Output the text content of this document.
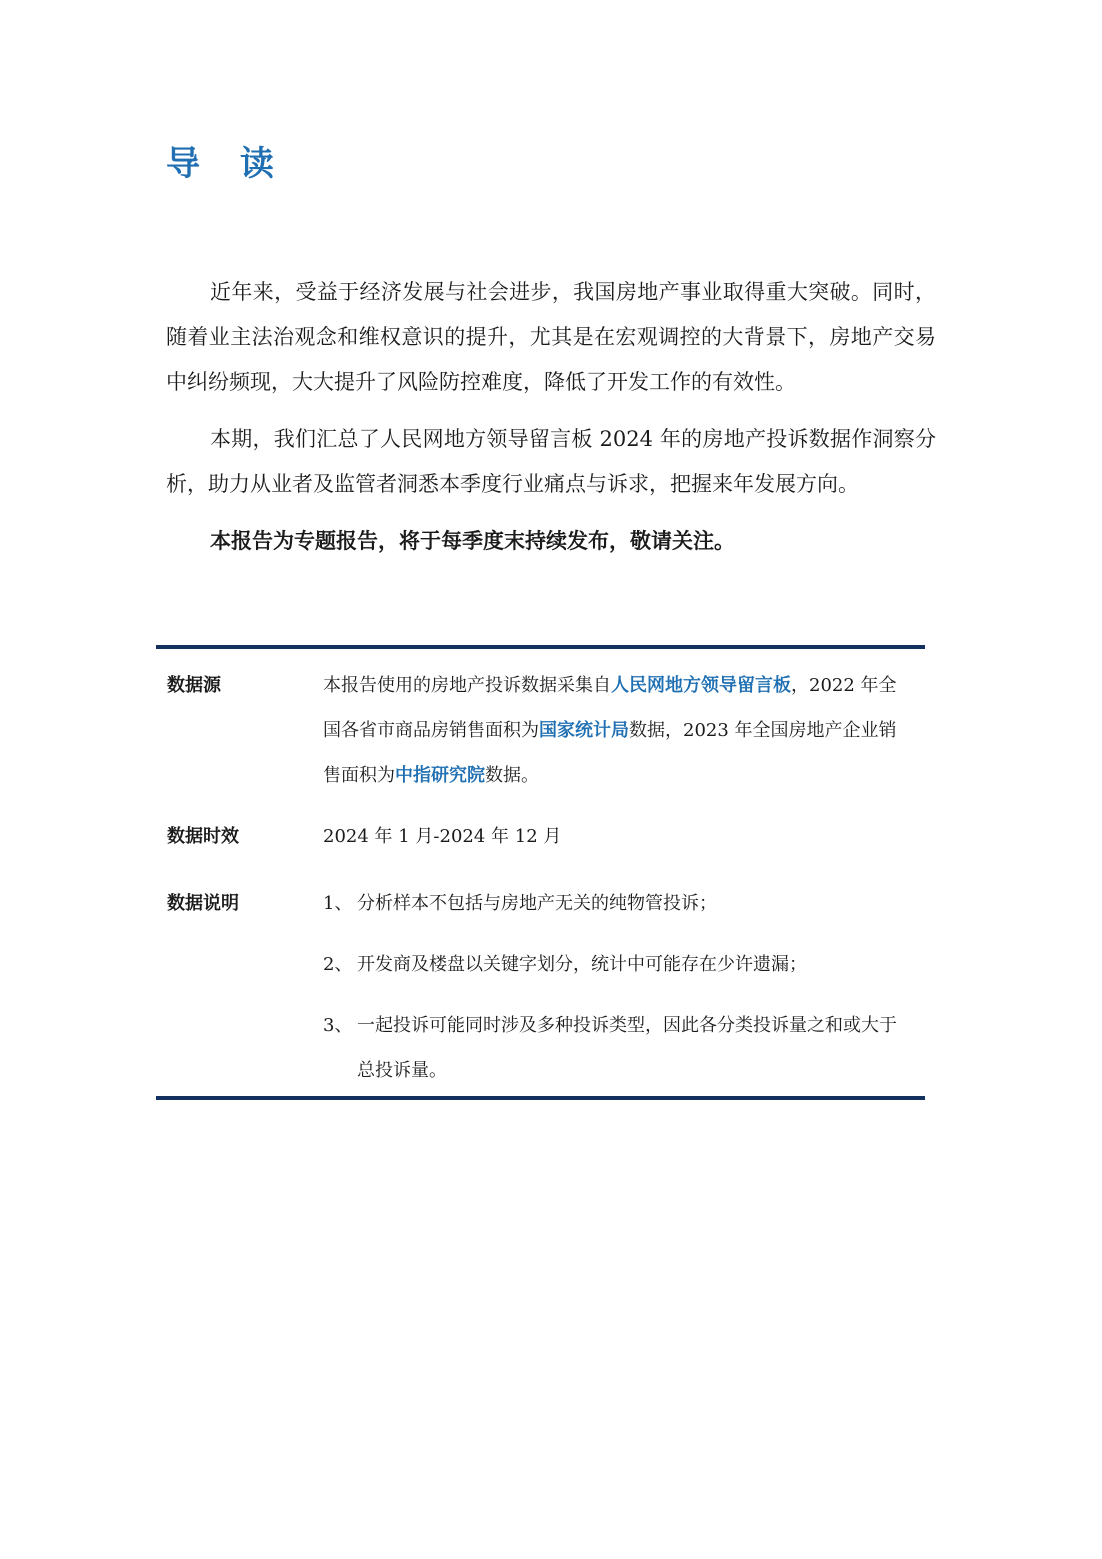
导 读

近年来，受益于经济发展与社会进步，我国房地产事业取得重大突破。同时，随着业主法治观念和维权意识的提升，尤其是在宏观调控的大背景下，房地产交易中纠纷频现，大大提升了风险防控难度，降低了开发工作的有效性。

本期，我们汇总了人民网地方领导留言板 2024 年的房地产投诉数据作洞察分析，助力从业者及监管者洞悉本季度行业痛点与诉求，把握来年发展方向。

本报告为专题报告，将于每季度末持续发布，敬请关注。

数据源	本报告使用的房地产投诉数据采集自人民网地方领导留言板，2022 年全国各省市商品房销售面积为国家统计局数据，2023 年全国房地产企业销售面积为中指研究院数据。
数据时效	2024 年 1 月-2024 年 12 月
数据说明	1、 分析样本不包括与房地产无关的纯物管投诉；
2、 开发商及楼盘以关键字划分，统计中可能存在少许遗漏；
3、 一起投诉可能同时涉及多种投诉类型，因此各分类投诉量之和或大于总投诉量。
